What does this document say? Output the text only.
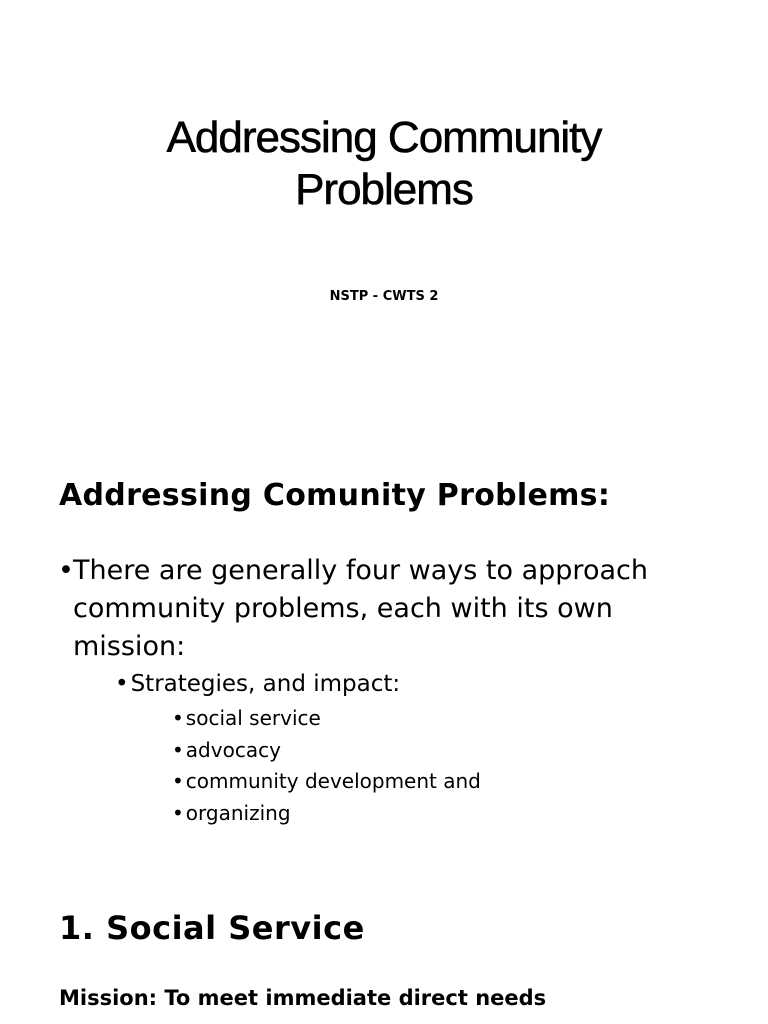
Addressing Community
Problems
NSTP - CWTS 2
Addressing Comunity Problems:
• There are generally four ways to approach community problems, each with its own mission:
•Strategies, and impact:
• social service
• advocacy
• community development and
• organizing
1. Social Service
Mission: To meet immediate direct needs
